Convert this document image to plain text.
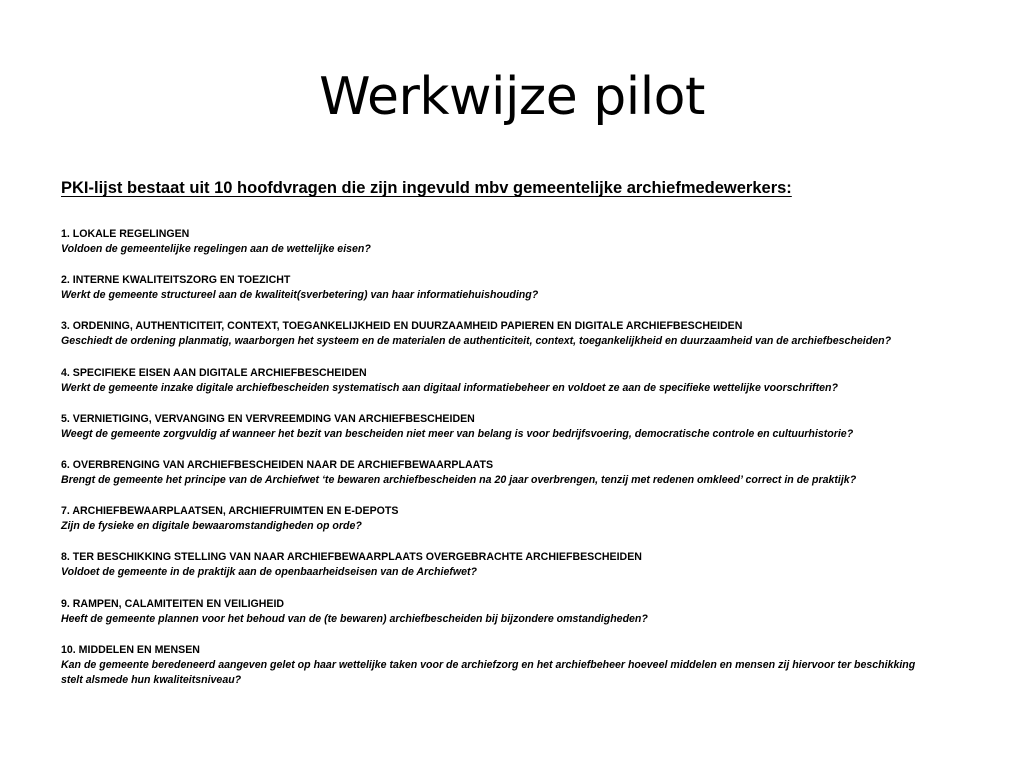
Werkwijze pilot
PKI-lijst bestaat uit 10 hoofdvragen die zijn ingevuld mbv gemeentelijke archiefmedewerkers:
1. LOKALE REGELINGEN
Voldoen de gemeentelijke regelingen aan de wettelijke eisen?
2. INTERNE KWALITEITSZORG EN TOEZICHT
Werkt de gemeente structureel aan de kwaliteit(sverbetering) van haar informatiehuishouding?
3. ORDENING, AUTHENTICITEIT, CONTEXT, TOEGANKELIJKHEID EN DUURZAAMHEID PAPIEREN EN DIGITALE ARCHIEFBESCHEIDEN
Geschiedt de ordening planmatig, waarborgen het systeem en de materialen de authenticiteit, context, toegankelijkheid en duurzaamheid van de archiefbescheiden?
4. SPECIFIEKE EISEN AAN DIGITALE ARCHIEFBESCHEIDEN
Werkt de gemeente inzake digitale archiefbescheiden systematisch aan digitaal informatiebeheer en voldoet ze aan de specifieke wettelijke voorschriften?
5. VERNIETIGING, VERVANGING EN VERVREEMDING VAN ARCHIEFBESCHEIDEN
Weegt de gemeente zorgvuldig af wanneer het bezit van bescheiden niet meer van belang is voor bedrijfsvoering, democratische controle en cultuurhistorie?
6. OVERBRENGING VAN ARCHIEFBESCHEIDEN NAAR DE ARCHIEFBEWAARPLAATS
Brengt de gemeente het principe van de Archiefwet ‘te bewaren archiefbescheiden na 20 jaar overbrengen, tenzij met redenen omkleed’ correct in de praktijk?
7. ARCHIEFBEWAARPLAATSEN, ARCHIEFRUIMTEN EN E-DEPOTS
Zijn de fysieke en digitale bewaaromstandigheden op orde?
8. TER BESCHIKKING STELLING VAN NAAR ARCHIEFBEWAARPLAATS OVERGEBRACHTE ARCHIEFBESCHEIDEN
Voldoet de gemeente in de praktijk aan de openbaarheidseisen van de Archiefwet?
9. RAMPEN, CALAMITEITEN EN VEILIGHEID
Heeft de gemeente plannen voor het behoud van de (te bewaren) archiefbescheiden bij bijzondere omstandigheden?
10. MIDDELEN EN MENSEN
Kan de gemeente beredeneerd aangeven gelet op haar wettelijke taken voor de archiefzorg en het archiefbeheer hoeveel middelen en mensen zij hiervoor ter beschikking
stelt alsmede hun kwaliteitsniveau?
